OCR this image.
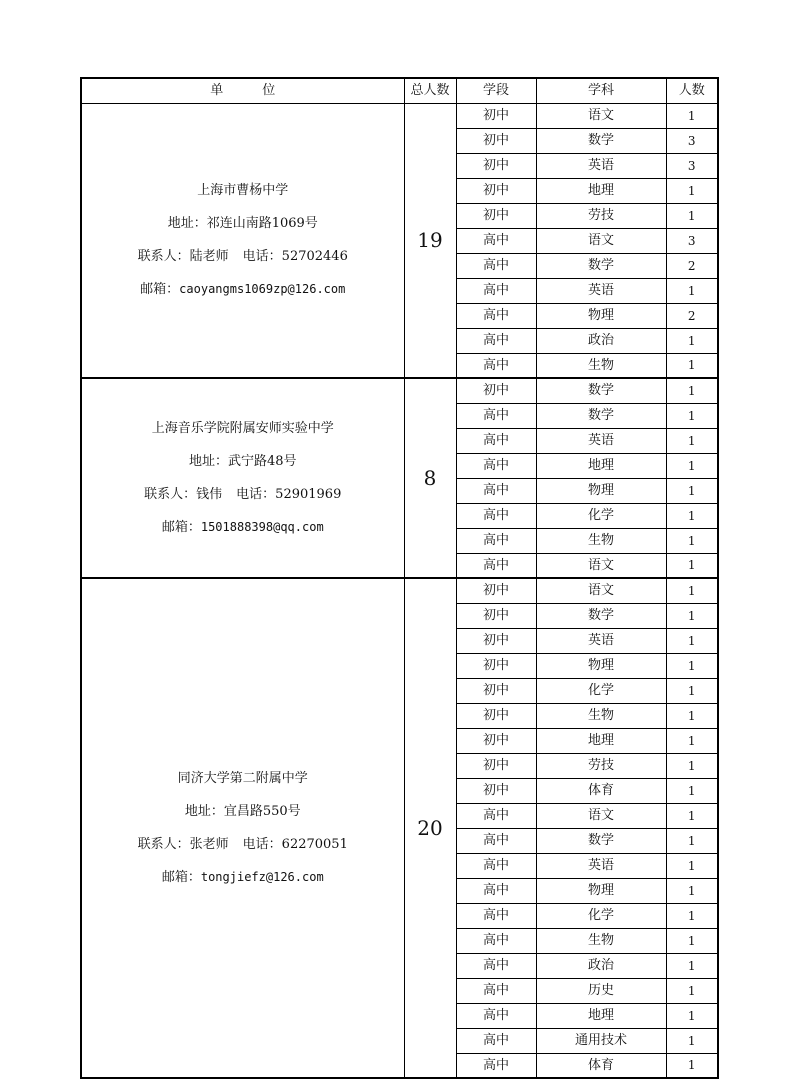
单　　　位	总人数	学段	学科	人数

上海市曹杨中学
地址：祁连山南路1069号
联系人：陆老师 电话：52702446
邮箱：caoyangms1069zp@126.com	19	初中	语文	1
		初中	数学	3
		初中	英语	3
		初中	地理	1
		初中	劳技	1
		高中	语文	3
		高中	数学	2
		高中	英语	1
		高中	物理	2
		高中	政治	1
		高中	生物	1

上海音乐学院附属安师实验中学
地址：武宁路48号
联系人：钱伟 电话：52901969
邮箱：1501888398@qq.com	8	初中	数学	1
		高中	数学	1
		高中	英语	1
		高中	地理	1
		高中	物理	1
		高中	化学	1
		高中	生物	1
		高中	语文	1

同济大学第二附属中学
地址：宜昌路550号
联系人：张老师 电话：62270051
邮箱：tongjiefz@126.com	20	初中	语文	1
		初中	数学	1
		初中	英语	1
		初中	物理	1
		初中	化学	1
		初中	生物	1
		初中	地理	1
		初中	劳技	1
		初中	体育	1
		高中	语文	1
		高中	数学	1
		高中	英语	1
		高中	物理	1
		高中	化学	1
		高中	生物	1
		高中	政治	1
		高中	历史	1
		高中	地理	1
		高中	通用技术	1
		高中	体育	1
